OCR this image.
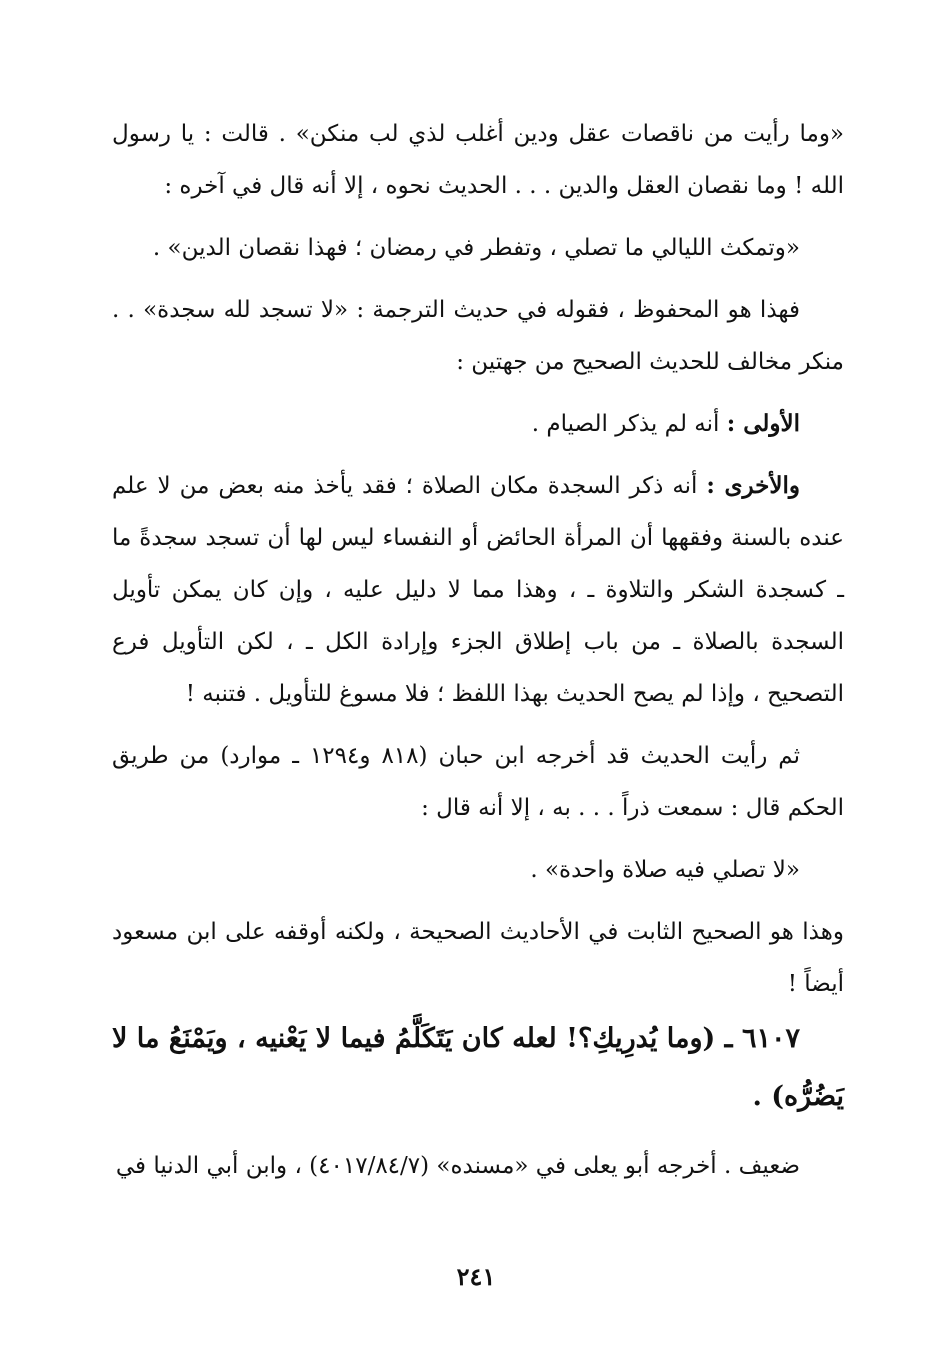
«وما رأيت من ناقصات عقل ودين أغلب لذي لب منكن» . قالت : يا رسول الله ! وما نقصان العقل والدين . . . الحديث نحوه ، إلا أنه قال في آخره :

«وتمكث الليالي ما تصلي ، وتفطر في رمضان ؛ فهذا نقصان الدين» .

فهذا هو المحفوظ ، فقوله في حديث الترجمة : «لا تسجد لله سجدة» . . منكر مخالف للحديث الصحيح من جهتين :

الأولى : أنه لم يذكر الصيام .

والأخرى : أنه ذكر السجدة مكان الصلاة ؛ فقد يأخذ منه بعض من لا علم عنده بالسنة وفقهها أن المرأة الحائض أو النفساء ليس لها أن تسجد سجدةً ما ـ كسجدة الشكر والتلاوة ـ ، وهذا مما لا دليل عليه ، وإن كان يمكن تأويل السجدة بالصلاة ـ من باب إطلاق الجزء وإرادة الكل ـ ، لكن التأويل فرع التصحيح ، وإذا لم يصح الحديث بهذا اللفظ ؛ فلا مسوغ للتأويل . فتنبه !

ثم رأيت الحديث قد أخرجه ابن حبان (٨١٨ و١٢٩٤ ـ موارد) من طريق الحكم قال : سمعت ذراً . . . به ، إلا أنه قال :

«لا تصلي فيه صلاة واحدة» .

وهذا هو الصحيح الثابت في الأحاديث الصحيحة ، ولكنه أوقفه على ابن مسعود أيضاً !

٦١٠٧ ـ (وما يُدرِيكِ؟! لعله كان يَتَكَلَّمُ فيما لا يَعْنيه ، ويَمْنَعُ ما لا يَضُرُّه) .

ضعيف . أخرجه أبو يعلى في «مسنده» (٤٠١٧/٨٤/٧) ، وابن أبي الدنيا في

٢٤١
